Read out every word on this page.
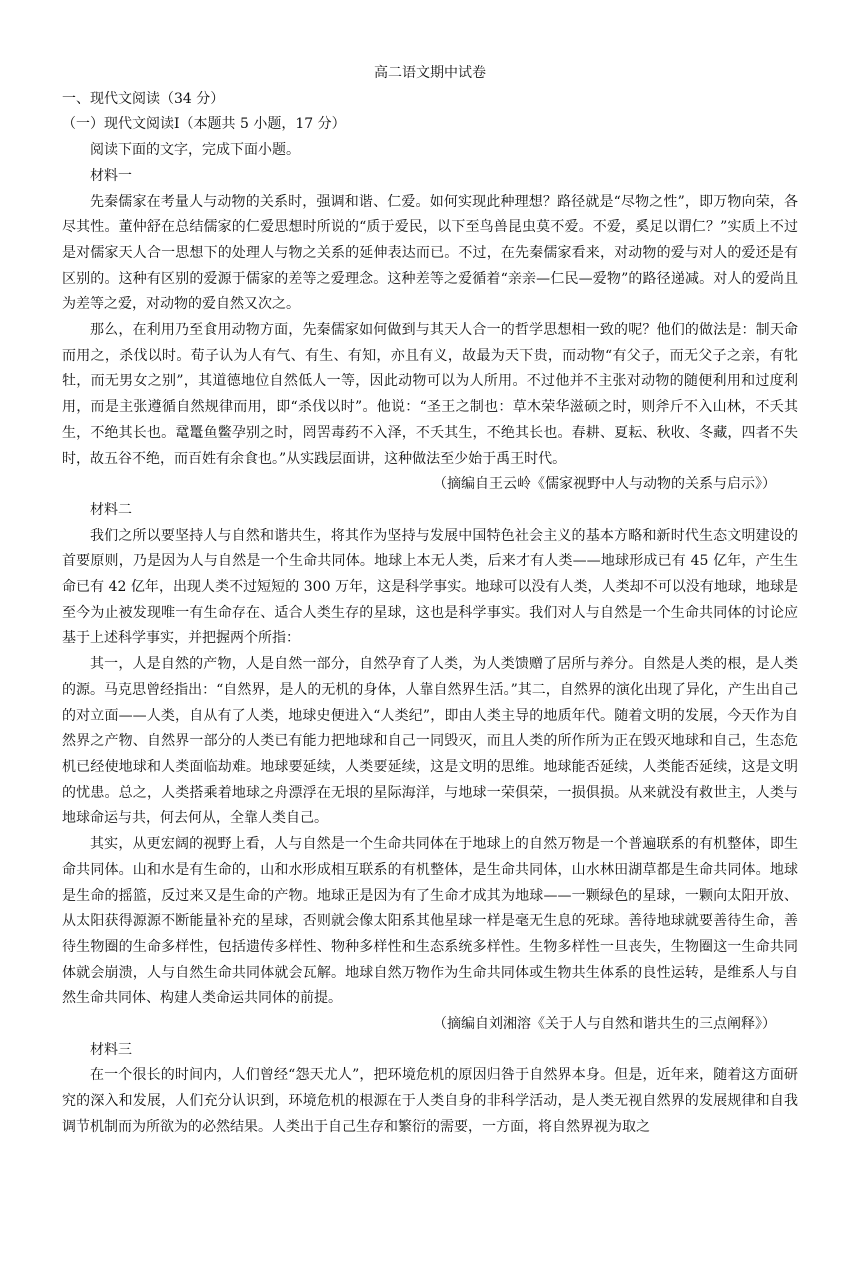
高二语文期中试卷
一、现代文阅读（34 分）
（一）现代文阅读Ⅰ（本题共 5 小题，17 分）
阅读下面的文字，完成下面小题。
材料一

先秦儒家在考量人与动物的关系时，强调和谐、仁爱。如何实现此种理想？路径就是“尽物之性”，即万物向荣，各尽其性。董仲舒在总结儒家的仁爱思想时所说的“质于爱民，以下至鸟兽昆虫莫不爱。不爱，奚足以谓仁？”实质上不过是对儒家天人合一思想下的处理人与物之关系的延伸表达而已。不过，在先秦儒家看来，对动物的爱与对人的爱还是有区别的。这种有区别的爱源于儒家的差等之爱理念。这种差等之爱循着“亲亲—仁民—爱物”的路径递减。对人的爱尚且为差等之爱，对动物的爱自然又次之。

那么，在利用乃至食用动物方面，先秦儒家如何做到与其天人合一的哲学思想相一致的呢？他们的做法是：制天命而用之，杀伐以时。荀子认为人有气、有生、有知，亦且有义，故最为天下贵，而动物“有父子，而无父子之亲，有牝牡，而无男女之别”，其道德地位自然低人一等，因此动物可以为人所用。不过他并不主张对动物的随便利用和过度利用，而是主张遵循自然规律而用，即“杀伐以时”。他说：“圣王之制也：草木荣华滋硕之时，则斧斤不入山林，不夭其生，不绝其长也。鼋鼍鱼鳖孕别之时，罔罟毒药不入泽，不夭其生，不绝其长也。春耕、夏耘、秋收、冬藏，四者不失时，故五谷不绝，而百姓有余食也。”从实践层面讲，这种做法至少始于禹王时代。

（摘编自王云岭《儒家视野中人与动物的关系与启示》）
材料二

我们之所以要坚持人与自然和谐共生，将其作为坚持与发展中国特色社会主义的基本方略和新时代生态文明建设的首要原则，乃是因为人与自然是一个生命共同体。地球上本无人类，后来才有人类——地球形成已有 45 亿年，产生生命已有 42 亿年，出现人类不过短短的 300 万年，这是科学事实。地球可以没有人类，人类却不可以没有地球，地球是至今为止被发现唯一有生命存在、适合人类生存的星球，这也是科学事实。我们对人与自然是一个生命共同体的讨论应基于上述科学事实，并把握两个所指：

其一，人是自然的产物，人是自然一部分，自然孕育了人类，为人类馈赠了居所与养分。自然是人类的根，是人类的源。马克思曾经指出：“自然界，是人的无机的身体，人靠自然界生活。”其二，自然界的演化出现了异化，产生出自己的对立面——人类，自从有了人类，地球史便进入“人类纪”，即由人类主导的地质年代。随着文明的发展，今天作为自然界之产物、自然界一部分的人类已有能力把地球和自己一同毁灭，而且人类的所作所为正在毁灭地球和自己，生态危机已经使地球和人类面临劫难。地球要延续，人类要延续，这是文明的思维。地球能否延续，人类能否延续，这是文明的忧患。总之，人类搭乘着地球之舟漂浮在无垠的星际海洋，与地球一荣俱荣，一损俱损。从来就没有救世主，人类与地球命运与共，何去何从，全靠人类自己。

其实，从更宏阔的视野上看，人与自然是一个生命共同体在于地球上的自然万物是一个普遍联系的有机整体，即生命共同体。山和水是有生命的，山和水形成相互联系的有机整体，是生命共同体，山水林田湖草都是生命共同体。地球是生命的摇篮，反过来又是生命的产物。地球正是因为有了生命才成其为地球——一颗绿色的星球，一颗向太阳开放、从太阳获得源源不断能量补充的星球，否则就会像太阳系其他星球一样是毫无生息的死球。善待地球就要善待生命，善待生物圈的生命多样性，包括遗传多样性、物种多样性和生态系统多样性。生物多样性一旦丧失，生物圈这一生命共同体就会崩溃，人与自然生命共同体就会瓦解。地球自然万物作为生命共同体或生物共生体系的良性运转，是维系人与自然生命共同体、构建人类命运共同体的前提。

（摘编自刘湘溶《关于人与自然和谐共生的三点阐释》）
材料三

在一个很长的时间内，人们曾经“怨天尤人”，把环境危机的原因归咎于自然界本身。但是，近年来，随着这方面研究的深入和发展，人们充分认识到，环境危机的根源在于人类自身的非科学活动，是人类无视自然界的发展规律和自我调节机制而为所欲为的必然结果。人类出于自己生存和繁衍的需要，一方面，将自然界视为取之
